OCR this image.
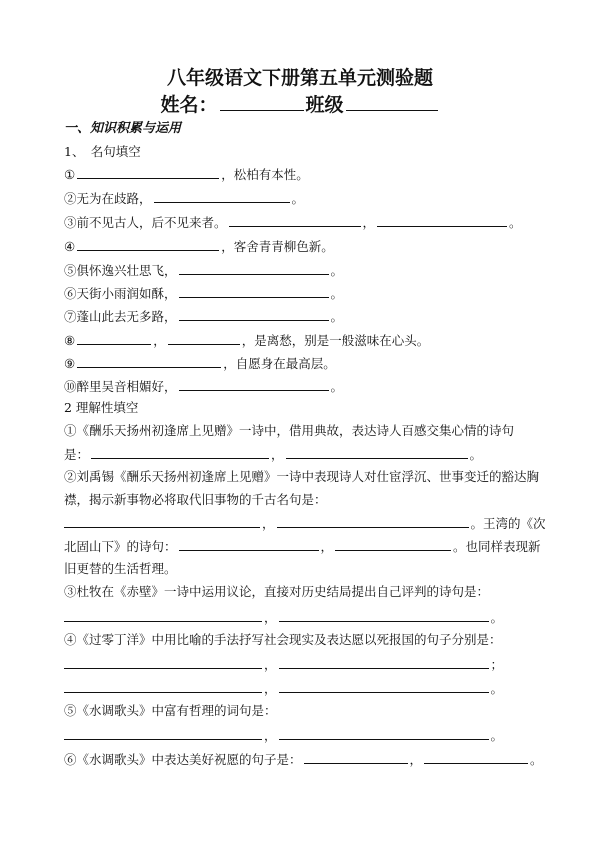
八年级语文下册第五单元测验题
姓名：	班级
一、知识积累与运用
1、　名句填空
①	，松柏有本性。
②无为在歧路，	。
③前不见古人，后不见来者。	，	。
④	，客舍青青柳色新。
⑤俱怀逸兴壮思飞，	。
⑥天街小雨润如酥，	。
⑦蓬山此去无多路，	。
⑧	，	，是离愁，别是一般滋味在心头。
⑨	，自愿身在最高层。
⑩醉里吴音相媚好，	。
2 理解性填空
①《酬乐天扬州初逢席上见赠》一诗中，借用典故，表达诗人百感交集心情的诗句
是：	，	。
②刘禹锡《酬乐天扬州初逢席上见赠》一诗中表现诗人对仕宦浮沉、世事变迁的豁达胸
襟，揭示新事物必将取代旧事物的千古名句是：
，	。王湾的《次
北固山下》的诗句：	，	。也同样表现新
旧更替的生活哲理。
③杜牧在《赤壁》一诗中运用议论，直接对历史结局提出自己评判的诗句是：
，	。
④《过零丁洋》中用比喻的手法抒写社会现实及表达愿以死报国的句子分别是：
，	；
，	。
⑤《水调歌头》中富有哲理的词句是：
，	。
⑥《水调歌头》中表达美好祝愿的句子是：	，	。
